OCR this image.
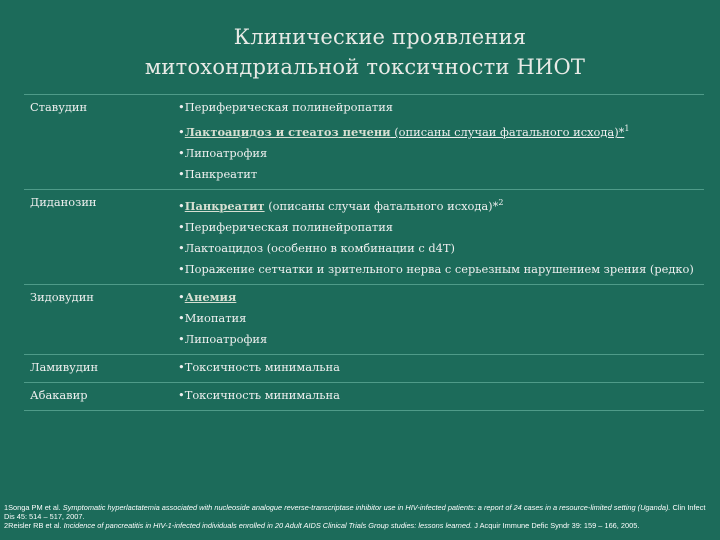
Клинические проявления
митохондриальной токсичности НИОТ
Ставудин	•Периферическая полинейропатия
•Лактоацидоз и стеатоз печени (описаны случаи фатального исхода)*$^1$
•Липоатрофия
•Панкреатит

Диданозин	•Панкреатит (описаны случаи фатального исхода)*$^2$
•Периферическая полинейропатия
•Лактоацидоз (особенно в комбинации с d4T)
•Поражение сетчатки и зрительного нерва с серьезным нарушением зрения (редко)

Зидовудин	•Анемия
•Миопатия
•Липоатрофия

Ламивудин	•Токсичность минимальна

Абакавир	•Токсичность минимальна
1Songa PM et al. Symptomatic hyperlactatemia associated with nucleoside analogue reverse-transcriptase inhibitor use in HIV-infected patients: a report of 24 cases in a resource-limited setting (Uganda). Clin Infect Dis 45: 514 – 517, 2007.
2Reisler RB et al. Incidence of pancreatitis in HIV-1-infected individuals enrolled in 20 Adult AIDS Clinical Trials Group studies: lessons learned. J Acquir Immune Defic Syndr 39: 159 – 166, 2005.
